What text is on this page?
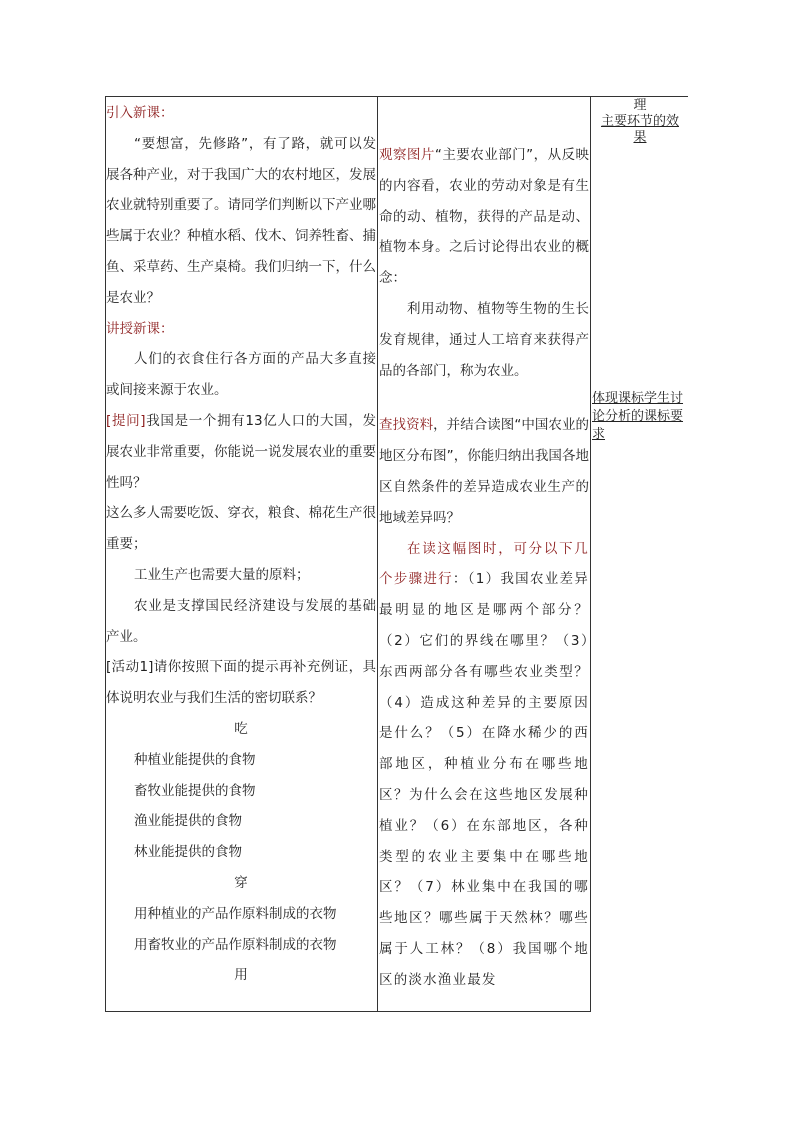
引入新课：

“要想富，先修路”，有了路，就可以发展各种产业，对于我国广大的农村地区，发展农业就特别重要了。请同学们判断以下产业哪些属于农业？种植水稻、伐木、饲养牲畜、捕鱼、采草药、生产桌椅。我们归纳一下，什么是农业？

讲授新课：

人们的衣食住行各方面的产品大多直接或间接来源于农业。

[提问]我国是一个拥有13亿人口的大国，发展农业非常重要，你能说一说发展农业的重要性吗？

这么多人需要吃饭、穿衣，粮食、棉花生产很重要；

工业生产也需要大量的原料；

农业是支撑国民经济建设与发展的基础产业。

[活动1]请你按照下面的提示再补充例证，具体说明农业与我们生活的密切联系？

吃

种植业能提供的食物

畜牧业能提供的食物

渔业能提供的食物

林业能提供的食物

穿

用种植业的产品作原料制成的衣物

用畜牧业的产品作原料制成的衣物

用

观察图片“主要农业部门”，从反映的内容看，农业的劳动对象是有生命的动、植物，获得的产品是动、植物本身。之后讨论得出农业的概念：

利用动物、植物等生物的生长发育规律，通过人工培育来获得产品的各部门，称为农业。

查找资料，并结合读图“中国农业的地区分布图”，你能归纳出我国各地区自然条件的差异造成农业生产的地域差异吗？

在读这幅图时，可分以下几个步骤进行：（1）我国农业差异最明显的地区是哪两个部分？（2）它们的界线在哪里？（3）东西两部分各有哪些农业类型？（4）造成这种差异的主要原因是什么？（5）在降水稀少的西部地区，种植业分布在哪些地区？为什么会在这些地区发展种植业？（6）在东部地区，各种类型的农业主要集中在哪些地区？（7）林业集中在我国的哪些地区？哪些属于天然林？哪些属于人工林？（8）我国哪个地区的淡水渔业最发

理
主要环节的效
果
体现课标学生讨论分析的课标要求
